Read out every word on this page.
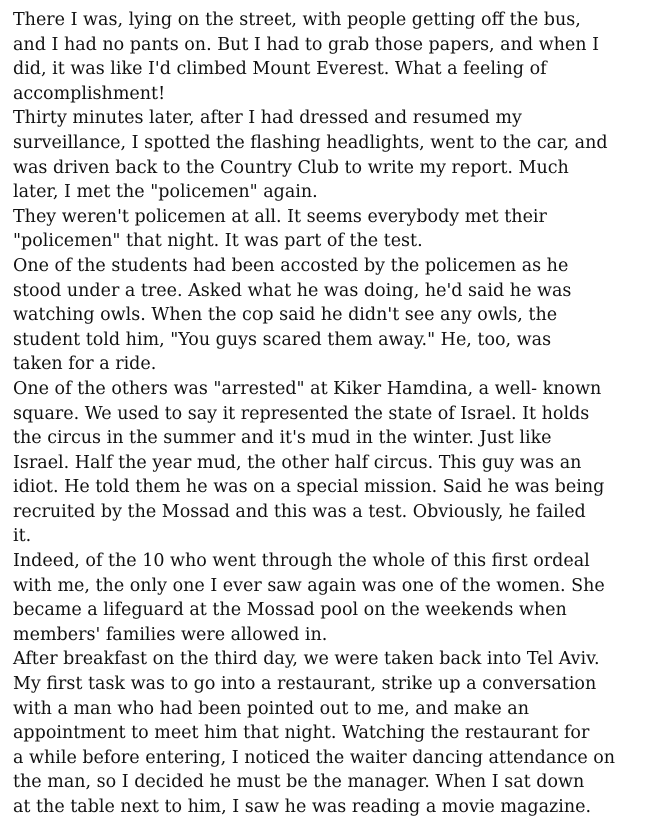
There I was, lying on the street, with people getting off the bus,
and I had no pants on. But I had to grab those papers, and when I
did, it was like I'd climbed Mount Everest. What a feeling of
accomplishment!
Thirty minutes later, after I had dressed and resumed my
surveillance, I spotted the flashing headlights, went to the car, and
was driven back to the Country Club to write my report. Much
later, I met the "policemen" again.
They weren't policemen at all. It seems everybody met their
"policemen" that night. It was part of the test.
One of the students had been accosted by the policemen as he
stood under a tree. Asked what he was doing, he'd said he was
watching owls. When the cop said he didn't see any owls, the
student told him, "You guys scared them away." He, too, was
taken for a ride.
One of the others was "arrested" at Kiker Hamdina, a well- known
square. We used to say it represented the state of Israel. It holds
the circus in the summer and it's mud in the winter. Just like
Israel. Half the year mud, the other half circus. This guy was an
idiot. He told them he was on a special mission. Said he was being
recruited by the Mossad and this was a test. Obviously, he failed
it.
Indeed, of the 10 who went through the whole of this first ordeal
with me, the only one I ever saw again was one of the women. She
became a lifeguard at the Mossad pool on the weekends when
members' families were allowed in.
After breakfast on the third day, we were taken back into Tel Aviv.
My first task was to go into a restaurant, strike up a conversation
with a man who had been pointed out to me, and make an
appointment to meet him that night. Watching the restaurant for
a while before entering, I noticed the waiter dancing attendance on
the man, so I decided he must be the manager. When I sat down
at the table next to him, I saw he was reading a movie magazine.
